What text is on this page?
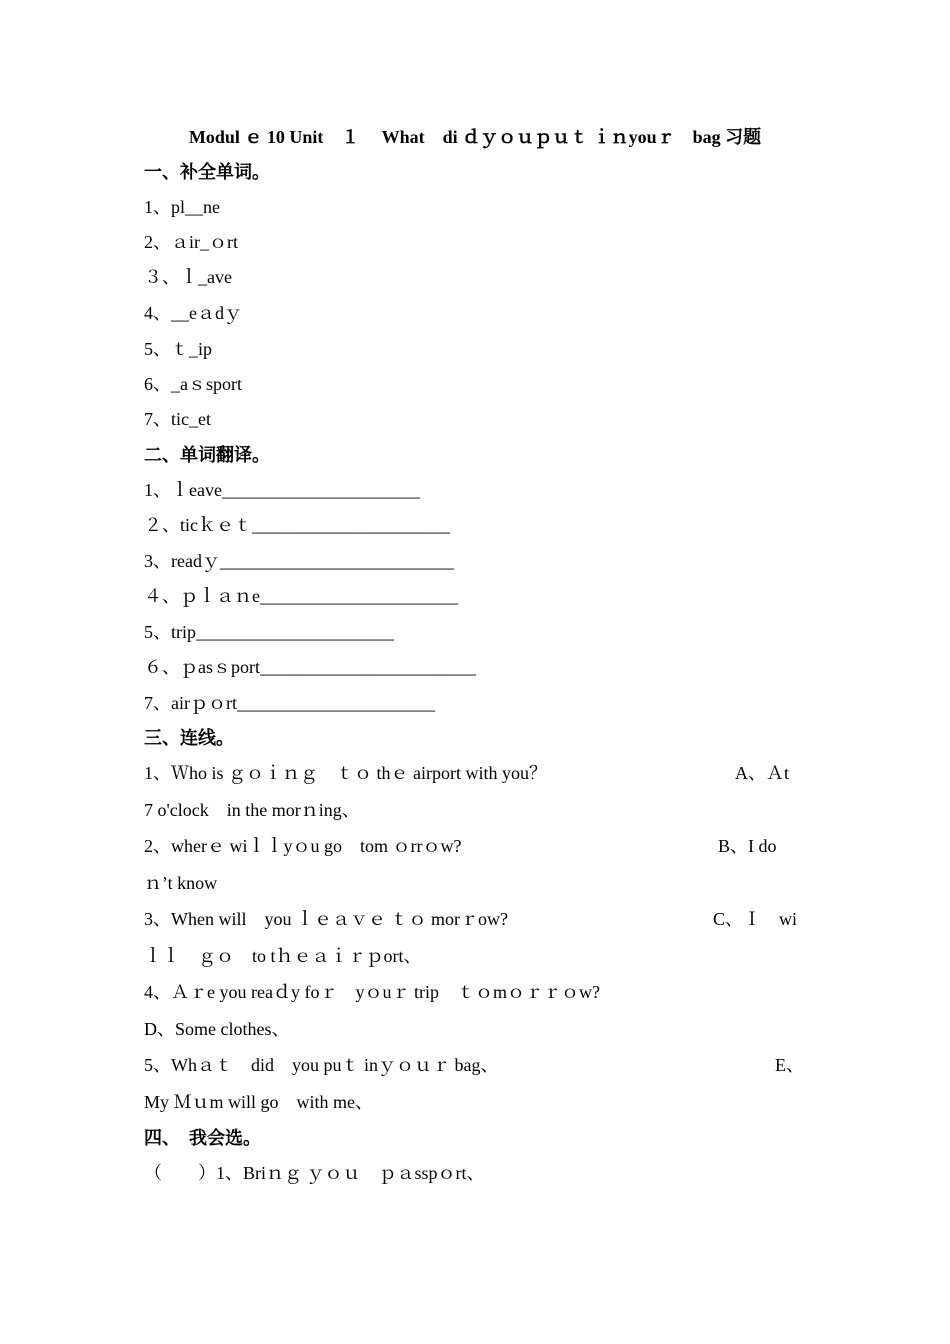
Modul ｅ 10 Unit　１　 What　di ｄｙｏｕｐｕｔ ｉｎyouｒ　bag 习题
一、补全单词。
1、pl__ne
2、ａir_ｏrt
３、ｌ_ave
4、__eａdｙ
5、ｔ_ip
6、_aｓsport
7、tic_et
二、单词翻译。
1、ｌeave______________________
２、ticｋｅｔ______________________
3、readｙ__________________________
４、ｐｌａｎe______________________
5、trip______________________
６、ｐasｓport________________________
7、airｐｏrt______________________
三、连线。
1、Ｗho is ｇｏｉｎｇ　ｔｏ thｅ airport with you？	A、Ａt
7 o'clock　in the morｎing、
2、wherｅ wiｌｌyｏu go　tom ｏrrｏw?	B、I do
ｎ’t know
3、When will　you ｌｅａｖｅ ｔｏ morｒow?	C、Ｉ　wi
ｌｌ　ｇｏ　to tｈｅａｉｒｐort、
4、Ａｒe you reaｄy foｒ　yｏuｒ trip　ｔｏmｏｒｒｏw?
D、Some clothes、
5、Whａｔ　did　you puｔ inｙｏｕｒ bag、	E、
My Ｍｕm will go　with me、
四、　我会选。
（　　）1、Briｎｇ ｙｏｕ　ｐａsspｏrt、
